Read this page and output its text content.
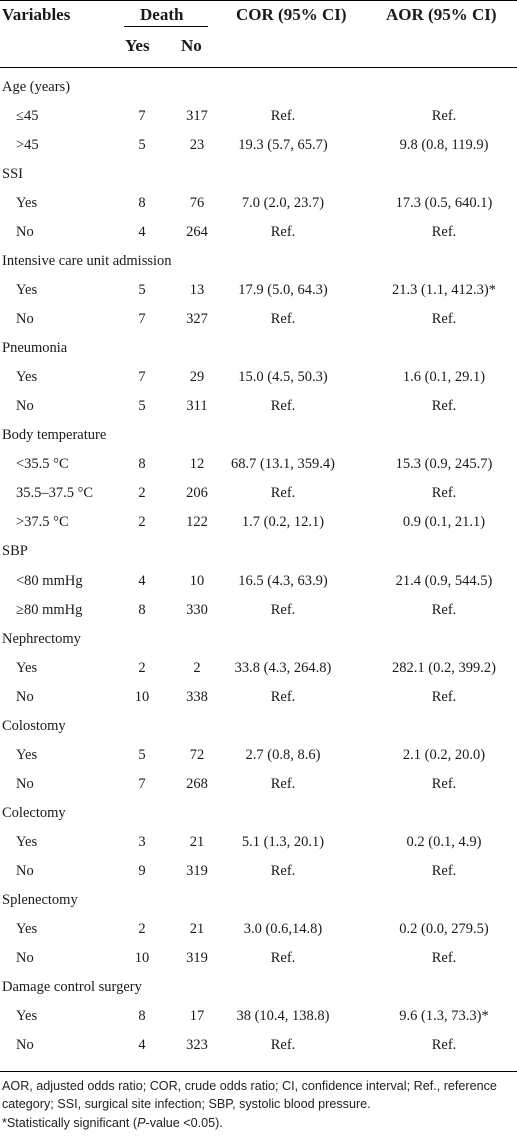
Variables	Death
Yes No
COR (95% CI) AOR (95% CI)
Age (years)
≤45	7	317	Ref.	Ref.
>45	5	23	19.3 (5.7, 65.7)	9.8 (0.8, 119.9)
SSI
Yes	8	76	7.0 (2.0, 23.7)	17.3 (0.5, 640.1)
No	4	264	Ref.	Ref.
Intensive care unit admission
Yes	5	13	17.9 (5.0, 64.3)	21.3 (1.1, 412.3)*
No	7	327	Ref.	Ref.
Pneumonia
Yes	7	29	15.0 (4.5, 50.3)	1.6 (0.1, 29.1)
No	5	311	Ref.	Ref.
Body temperature
<35.5 °C	8	12	68.7 (13.1, 359.4)	15.3 (0.9, 245.7)
35.5–37.5 °C	2	206	Ref.	Ref.
>37.5 °C	2	122	1.7 (0.2, 12.1)	0.9 (0.1, 21.1)
SBP
<80 mmHg	4	10	16.5 (4.3, 63.9)	21.4 (0.9, 544.5)
≥80 mmHg	8	330	Ref.	Ref.
Nephrectomy
Yes	2	2	33.8 (4.3, 264.8)	282.1 (0.2, 399.2)
No	10	338	Ref.	Ref.
Colostomy
Yes	5	72	2.7 (0.8, 8.6)	2.1 (0.2, 20.0)
No	7	268	Ref.	Ref.
Colectomy
Yes	3	21	5.1 (1.3, 20.1)	0.2 (0.1, 4.9)
No	9	319	Ref.	Ref.
Splenectomy
Yes	2	21	3.0 (0.6,14.8)	0.2 (0.0, 279.5)
No	10	319	Ref.	Ref.
Damage control surgery
Yes	8	17	38 (10.4, 138.8)	9.6 (1.3, 73.3)*
No	4	323	Ref.	Ref.
AOR, adjusted odds ratio; COR, crude odds ratio; CI, confidence interval; Ref., reference category; SSI, surgical site infection; SBP, systolic blood pressure.
*Statistically significant (P-value <0.05).
